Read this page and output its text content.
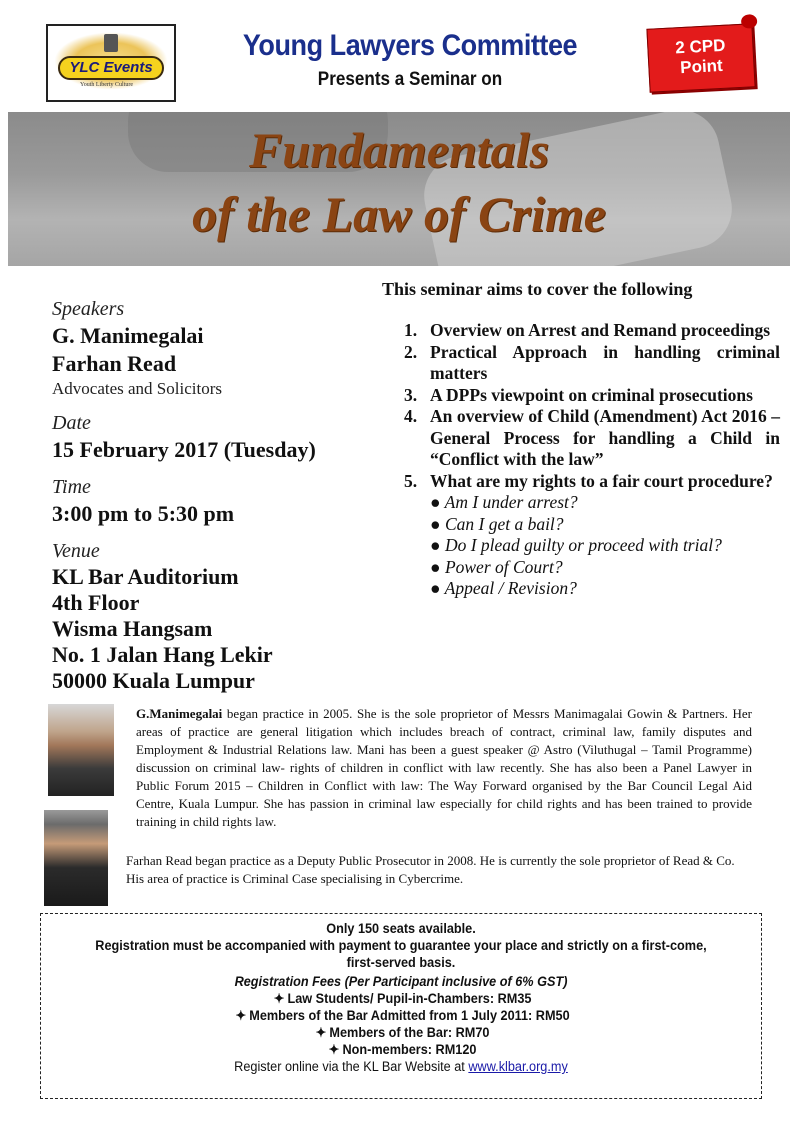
YLC Events
Youth Liberty Culture
Young Lawyers Committee
Presents a Seminar on
2 CPD
Point
Fundamentals
of the Law of Crime
Speakers
G. Manimegalai
Farhan Read
Advocates and Solicitors
Date
15 February 2017 (Tuesday)
Time
3:00 pm to 5:30 pm
Venue
KL Bar Auditorium
4th Floor
Wisma Hangsam
No. 1 Jalan Hang Lekir
50000 Kuala Lumpur
This seminar aims to cover the following
1. Overview on Arrest and Remand proceedings
2. Practical Approach in handling criminal matters
3. A DPPs viewpoint on criminal prosecutions
4. An overview of Child (Amendment) Act 2016 – General Process for handling a Child in “Conflict with the law”
5. What are my rights to a fair court procedure?
● Am I under arrest?
● Can I get a bail?
● Do I plead guilty or proceed with trial?
● Power of Court?
● Appeal / Revision?
G.Manimegalai began practice in 2005. She is the sole proprietor of Messrs Manimagalai Gowin & Partners. Her areas of practice are general litigation which includes breach of contract, criminal law, family disputes and Employment & Industrial Relations law. Mani has been a guest speaker @ Astro (Viluthugal – Tamil Programme) discussion on criminal law- rights of children in conflict with law recently. She has also been a Panel Lawyer in Public Forum 2015 – Children in Conflict with law: The Way Forward organised by the Bar Council Legal Aid Centre, Kuala Lumpur. She has passion in criminal law especially for child rights and has been trained to provide training in child rights law.
Farhan Read began practice as a Deputy Public Prosecutor in 2008. He is currently the sole proprietor of Read & Co. His area of practice is Criminal Case specialising in Cybercrime.
Only 150 seats available.
Registration must be accompanied with payment to guarantee your place and strictly on a first-come, first-served basis.
Registration Fees (Per Participant inclusive of 6% GST)
✦ Law Students/ Pupil-in-Chambers: RM35
✦ Members of the Bar Admitted from 1 July 2011: RM50
✦ Members of the Bar: RM70
✦ Non-members: RM120
Register online via the KL Bar Website at www.klbar.org.my
